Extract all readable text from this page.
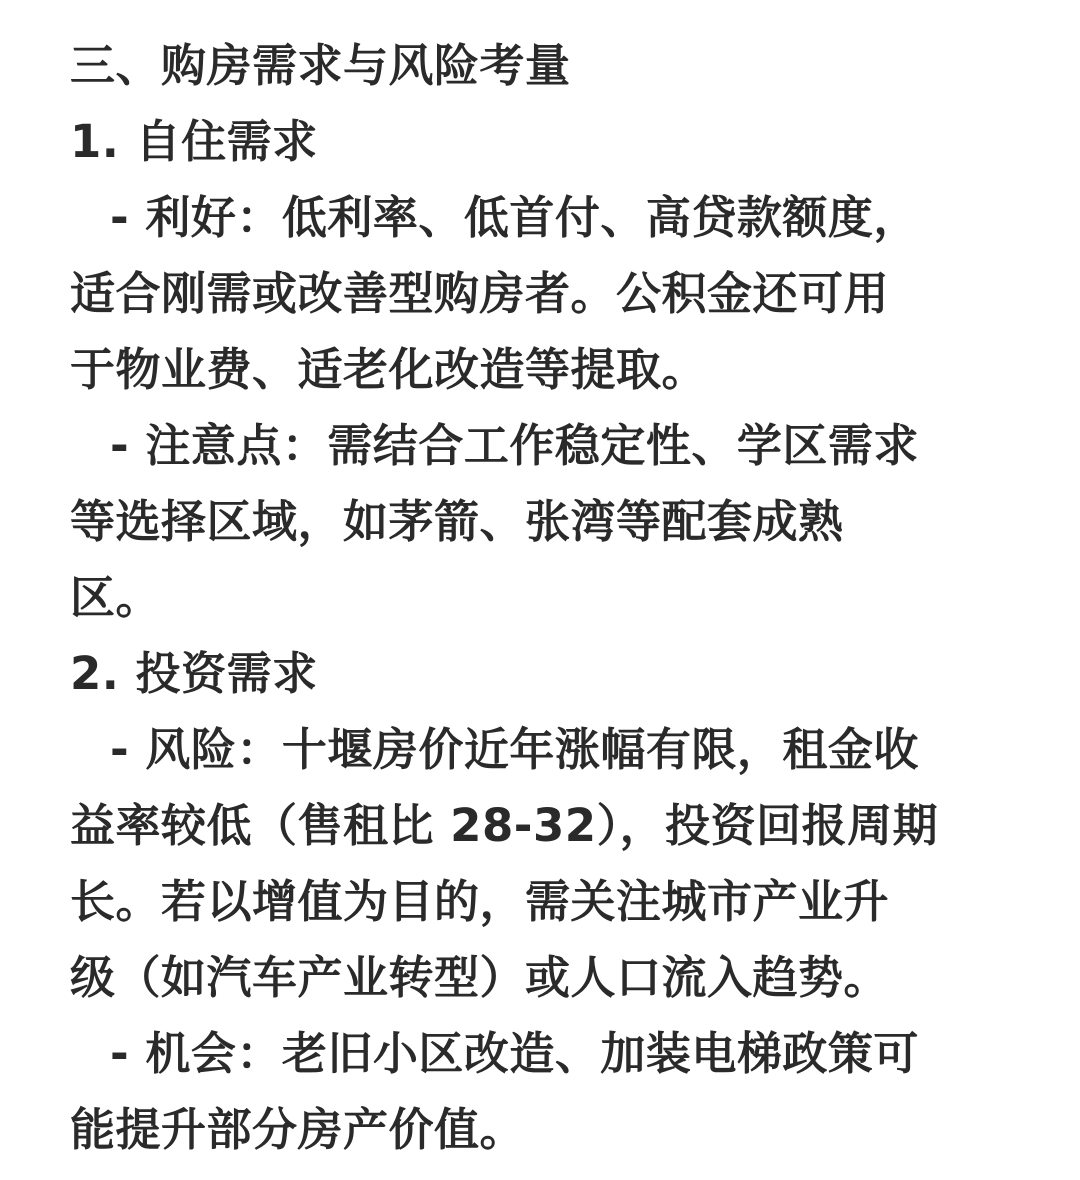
三、购房需求与风险考量
1. 自住需求
- 利好：低利率、低首付、高贷款额度，
适合刚需或改善型购房者。公积金还可用
于物业费、适老化改造等提取。
- 注意点：需结合工作稳定性、学区需求
等选择区域，如茅箭、张湾等配套成熟
区。
2. 投资需求
- 风险：十堰房价近年涨幅有限，租金收
益率较低（售租比 28-32），投资回报周期
长。若以增值为目的，需关注城市产业升
级（如汽车产业转型）或人口流入趋势。
- 机会：老旧小区改造、加装电梯政策可
能提升部分房产价值。
